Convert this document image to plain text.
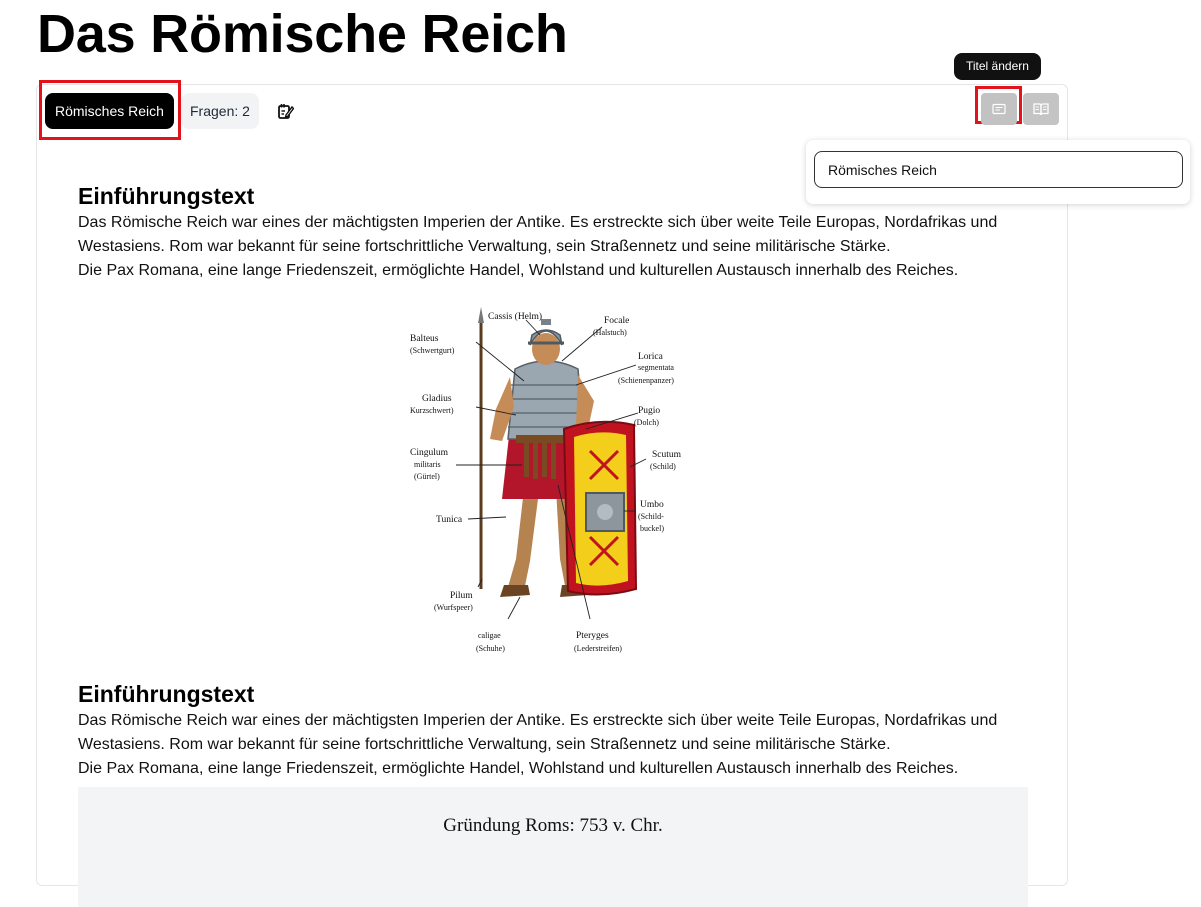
Das Römische Reich
Römisches Reich	Fragen: 2
Einführungstext

Das Römische Reich war eines der mächtigsten Imperien der Antike. Es erstreckte sich über weite Teile Europas, Nordafrikas und

Westasiens. Rom war bekannt für seine fortschrittliche Verwaltung, sein Straßennetz und seine militärische Stärke.

Die Pax Romana, eine lange Friedenszeit, ermöglichte Handel, Wohlstand und kulturellen Austausch innerhalb des Reiches.

Balteus
(Schwertgurt)
Cassis (Helm)	Focale
(Halstuch)
Lorica
segmentata
(Schienenpanzer)
Gladius
Kurzschwert)	Pugio
(Dolch)
Cingulum
militaris
(Gürtel)
Scutum
(Schild)
Umbo
(Schild-
buckel)
Tunica
Pilum
(Wurfspeer)
caligae
(Schuhe)
Pteryges
(Lederstreifen)
Einführungstext

Das Römische Reich war eines der mächtigsten Imperien der Antike. Es erstreckte sich über weite Teile Europas, Nordafrikas und

Westasiens. Rom war bekannt für seine fortschrittliche Verwaltung, sein Straßennetz und seine militärische Stärke.

Die Pax Romana, eine lange Friedenszeit, ermöglichte Handel, Wohlstand und kulturellen Austausch innerhalb des Reiches.

Gründung Roms: 753 v. Chr.
Titel ändern
Römisches Reich
